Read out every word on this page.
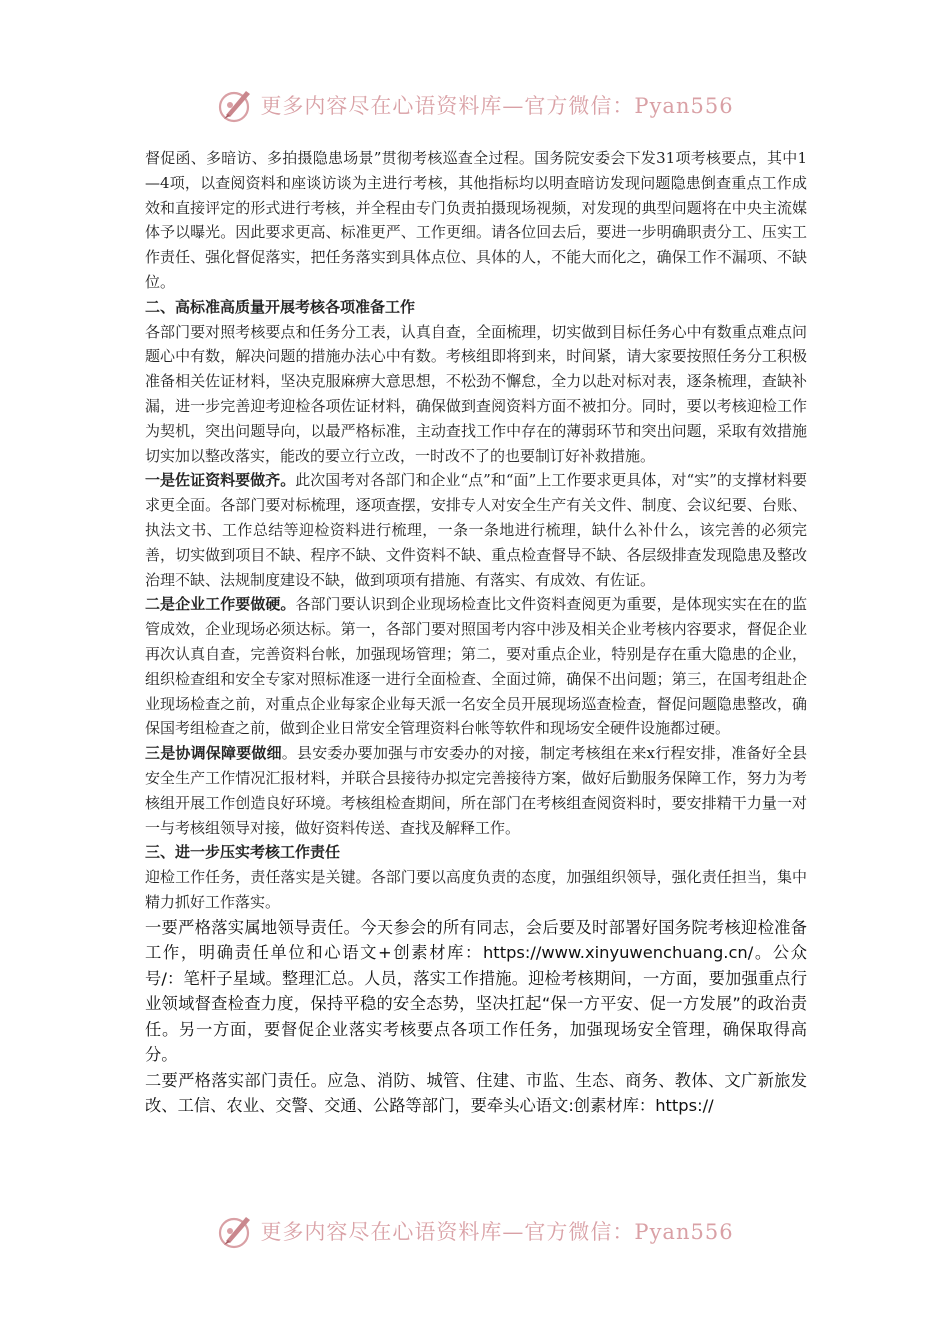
更多内容尽在心语资料库—官方微信：Pyan556

督促函、多暗访、多拍摄隐患场景”贯彻考核巡查全过程。国务院安委会下发31项考核要点，其中1—4项，以查阅资料和座谈访谈为主进行考核，其他指标均以明查暗访发现问题隐患倒查重点工作成效和直接评定的形式进行考核，并全程由专门负责拍摄现场视频，对发现的典型问题将在中央主流媒体予以曝光。因此要求更高、标准更严、工作更细。请各位回去后，要进一步明确职责分工、压实工作责任、强化督促落实，把任务落实到具体点位、具体的人，不能大而化之，确保工作不漏项、不缺位。

二、高标准高质量开展考核各项准备工作

各部门要对照考核要点和任务分工表，认真自查，全面梳理，切实做到目标任务心中有数重点难点问题心中有数，解决问题的措施办法心中有数。考核组即将到来，时间紧，请大家要按照任务分工积极准备相关佐证材料，坚决克服麻痹大意思想，不松劲不懈怠，全力以赴对标对表，逐条梳理，查缺补漏，进一步完善迎考迎检各项佐证材料，确保做到查阅资料方面不被扣分。同时，要以考核迎检工作为契机，突出问题导向，以最严格标准，主动查找工作中存在的薄弱环节和突出问题，采取有效措施切实加以整改落实，能改的要立行立改，一时改不了的也要制订好补救措施。

一是佐证资料要做齐。此次国考对各部门和企业“点”和“面”上工作要求更具体，对“实”的支撑材料要求更全面。各部门要对标梳理，逐项查摆，安排专人对安全生产有关文件、制度、会议纪要、台账、执法文书、工作总结等迎检资料进行梳理，一条一条地进行梳理，缺什么补什么，该完善的必须完善，切实做到项目不缺、程序不缺、文件资料不缺、重点检查督导不缺、各层级排查发现隐患及整改治理不缺、法规制度建设不缺，做到项项有措施、有落实、有成效、有佐证。

二是企业工作要做硬。各部门要认识到企业现场检查比文件资料查阅更为重要，是体现实实在在的监管成效，企业现场必须达标。第一，各部门要对照国考内容中涉及相关企业考核内容要求，督促企业再次认真自查，完善资料台帐，加强现场管理；第二，要对重点企业，特别是存在重大隐患的企业，组织检查组和安全专家对照标准逐一进行全面检查、全面过筛，确保不出问题；第三，在国考组赴企业现场检查之前，对重点企业每家企业每天派一名安全员开展现场巡查检查，督促问题隐患整改，确保国考组检查之前，做到企业日常安全管理资料台帐等软件和现场安全硬件设施都过硬。

三是协调保障要做细。县安委办要加强与市安委办的对接，制定考核组在来x行程安排，准备好全县安全生产工作情况汇报材料，并联合县接待办拟定完善接待方案，做好后勤服务保障工作，努力为考核组开展工作创造良好环境。考核组检查期间，所在部门在考核组查阅资料时，要安排精干力量一对一与考核组领导对接，做好资料传送、查找及解释工作。

三、进一步压实考核工作责任

迎检工作任务，责任落实是关键。各部门要以高度负责的态度，加强组织领导，强化责任担当，集中精力抓好工作落实。

一要严格落实属地领导责任。今天参会的所有同志，会后要及时部署好国务院考核迎检准备工作，明确责任单位和心语文+创素材库：https://www.xinyuwenchuang.cn/。公众号/：笔杆子星域。整理汇总。人员，落实工作措施。迎检考核期间，一方面，要加强重点行业领域督查检查力度，保持平稳的安全态势，坚决扛起“保一方平安、促一方发展”的政治责任。另一方面，要督促企业落实考核要点各项工作任务，加强现场安全管理，确保取得高分。

二要严格落实部门责任。应急、消防、城管、住建、市监、生态、商务、教体、文广新旅发改、工信、农业、交警、交通、公路等部门，要牵头心语文:创素材库：https://

更多内容尽在心语资料库—官方微信：Pyan556
